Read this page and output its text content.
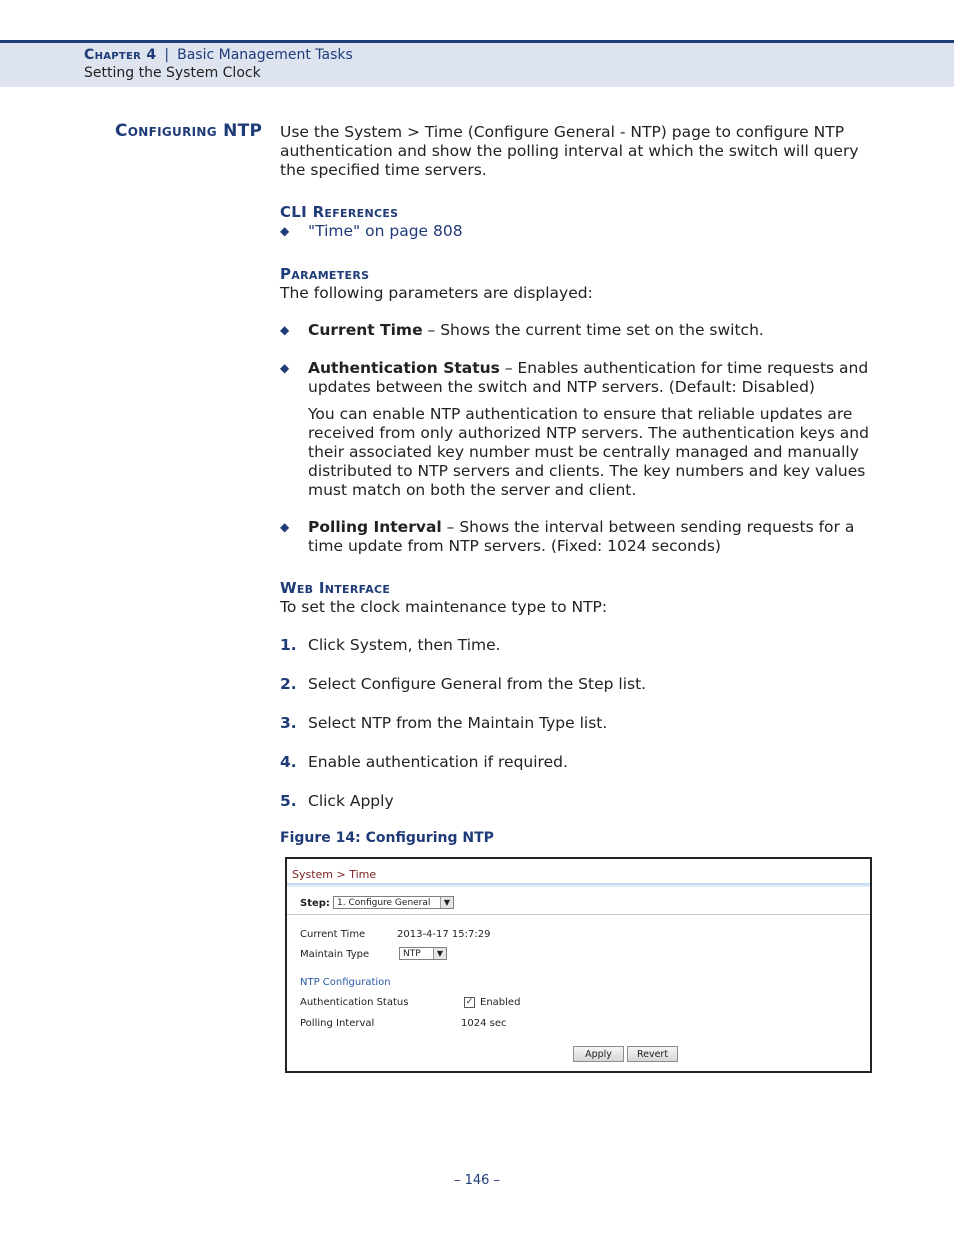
Chapter 4 | Basic Management Tasks
Setting the System Clock
Configuring NTP Use the System > Time (Configure General - NTP) page to configure NTP authentication and show the polling interval at which the switch will query the specified time servers.
CLI References
◆ "Time" on page 808
Parameters
The following parameters are displayed:
◆ Current Time – Shows the current time set on the switch.
◆ Authentication Status – Enables authentication for time requests and updates between the switch and NTP servers. (Default: Disabled)
You can enable NTP authentication to ensure that reliable updates are received from only authorized NTP servers. The authentication keys and their associated key number must be centrally managed and manually distributed to NTP servers and clients. The key numbers and key values must match on both the server and client.
◆ Polling Interval – Shows the interval between sending requests for a time update from NTP servers. (Fixed: 1024 seconds)
Web Interface
To set the clock maintenance type to NTP:
1. Click System, then Time.
2. Select Configure General from the Step list.
3. Select NTP from the Maintain Type list.
4. Enable authentication if required.
5. Click Apply
Figure 14: Configuring NTP
System > Time
Step: 1. Configure General	▼
Current Time	2013-4-17 15:7:29
Maintain Type	NTP	▼
NTP Configuration
Authentication Status	✓ Enabled
Polling Interval	1024 sec
Apply	Revert
– 146 –
